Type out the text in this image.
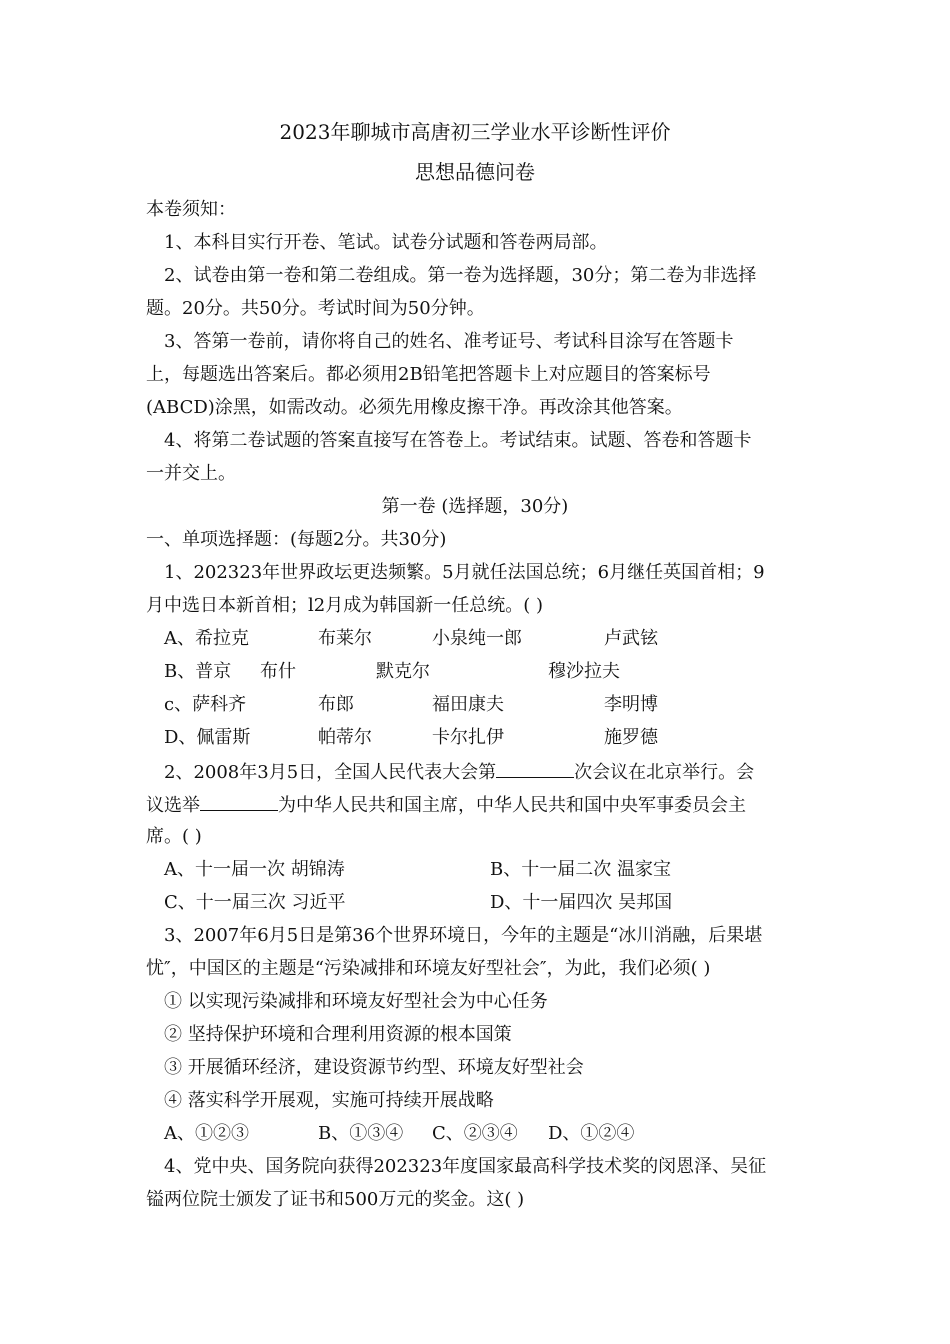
2023年聊城市高唐初三学业水平诊断性评价
思想品德问卷
本卷须知：
1、本科目实行开卷、笔试。试卷分试题和答卷两局部。
2、试卷由第一卷和第二卷组成。第一卷为选择题，30分；第二卷为非选择
题。20分。共50分。考试时间为50分钟。
3、答第一卷前，请你将自己的姓名、准考证号、考试科目涂写在答题卡
上，每题选出答案后。都必须用2B铅笔把答题卡上对应题目的答案标号
(ABCD)涂黑，如需改动。必须先用橡皮擦干净。再改涂其他答案。
4、将第二卷试题的答案直接写在答卷上。考试结束。试题、答卷和答题卡
一并交上。
第一卷 (选择题，30分)
一、单项选择题：(每题2分。共30分)
1、202323年世界政坛更迭频繁。5月就任法国总统；6月继任英国首相；9
月中选日本新首相；l2月成为韩国新一任总统。( )
A、希拉克	布莱尔	小泉纯一郎	卢武铉
B、普京 布什	默克尔	穆沙拉夫
c、萨科齐	布郎	福田康夫	李明博
D、佩雷斯	帕蒂尔	卡尔扎伊	施罗德
2、2008年3月5日，全国人民代表大会第	次会议在北京举行。会
议选举	为中华人民共和国主席，中华人民共和国中央军事委员会主
席。( )
A、十一届一次 胡锦涛	B、十一届二次 温家宝
C、十一届三次 习近平	D、十一届四次 吴邦国
3、2007年6月5日是第36个世界环境日，今年的主题是“冰川消融，后果堪
忧″，中国区的主题是“污染减排和环境友好型社会″，为此，我们必须( )
① 以实现污染减排和环境友好型社会为中心任务
② 坚持保护环境和合理利用资源的根本国策
③ 开展循环经济，建设资源节约型、环境友好型社会
④ 落实科学开展观，实施可持续开展战略
A、①②③	B、①③④ C、②③④ D、①②④
4、党中央、国务院向获得202323年度国家最高科学技术奖的闵恩泽、吴征
镒两位院士颁发了证书和500万元的奖金。这( )
